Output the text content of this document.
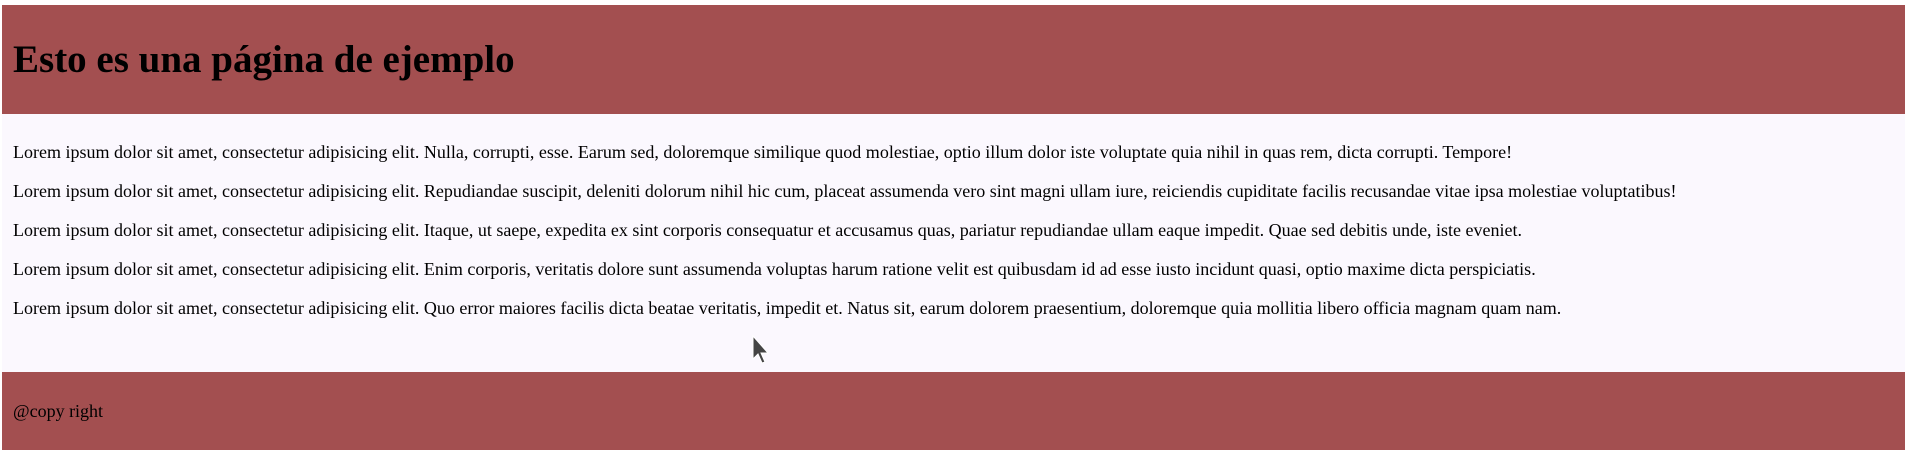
Esto es una página de ejemplo

Lorem ipsum dolor sit amet, consectetur adipisicing elit. Nulla, corrupti, esse. Earum sed, doloremque similique quod molestiae, optio illum dolor iste voluptate quia nihil in quas rem, dicta corrupti. Tempore!

Lorem ipsum dolor sit amet, consectetur adipisicing elit. Repudiandae suscipit, deleniti dolorum nihil hic cum, placeat assumenda vero sint magni ullam iure, reiciendis cupiditate facilis recusandae vitae ipsa molestiae voluptatibus!

Lorem ipsum dolor sit amet, consectetur adipisicing elit. Itaque, ut saepe, expedita ex sint corporis consequatur et accusamus quas, pariatur repudiandae ullam eaque impedit. Quae sed debitis unde, iste eveniet.

Lorem ipsum dolor sit amet, consectetur adipisicing elit. Enim corporis, veritatis dolore sunt assumenda voluptas harum ratione velit est quibusdam id ad esse iusto incidunt quasi, optio maxime dicta perspiciatis.

Lorem ipsum dolor sit amet, consectetur adipisicing elit. Quo error maiores facilis dicta beatae veritatis, impedit et. Natus sit, earum dolorem praesentium, doloremque quia mollitia libero officia magnam quam nam.

@copy right
